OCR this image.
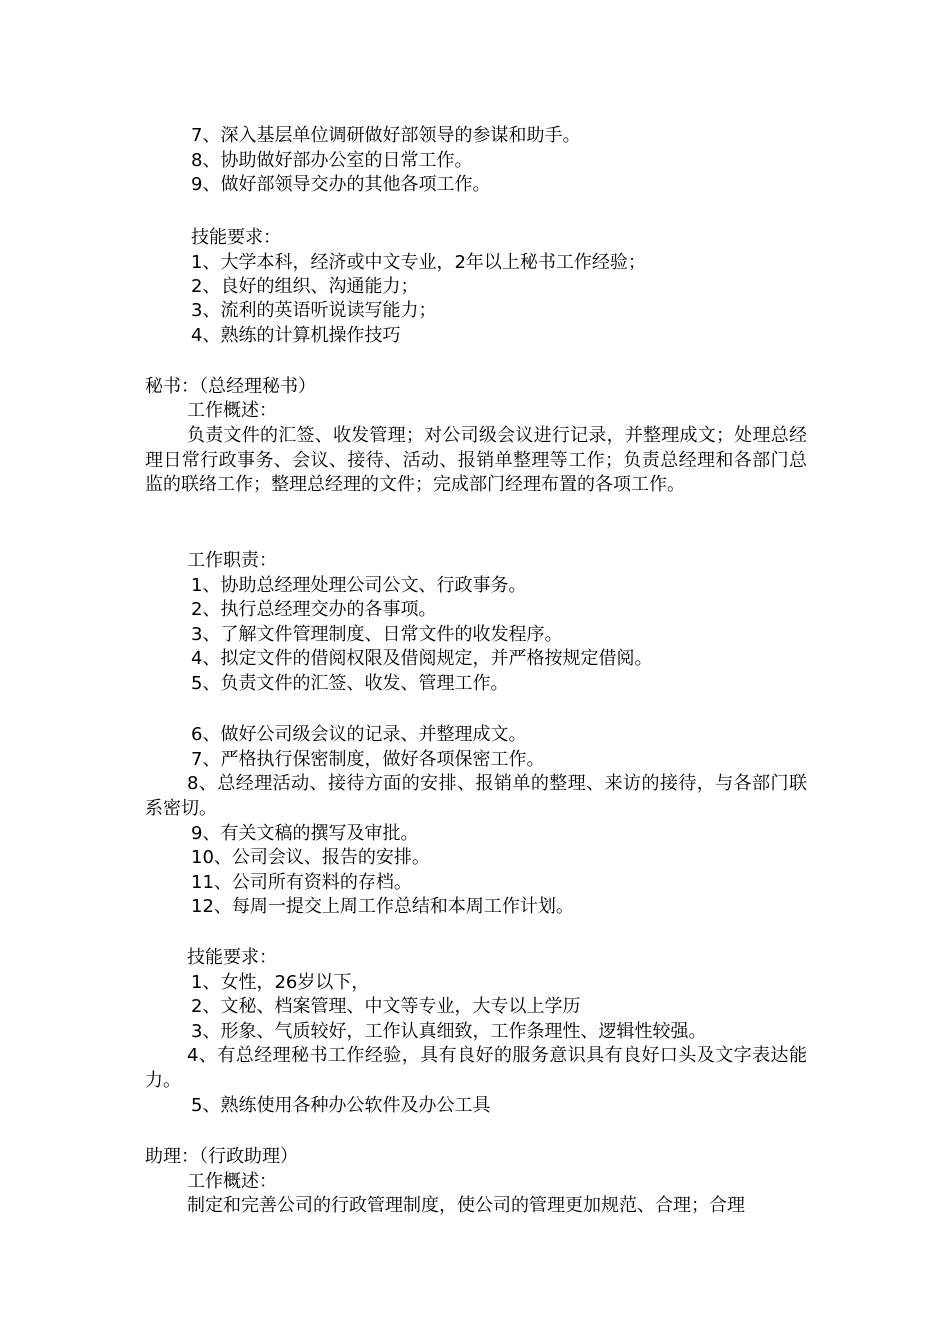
7、深入基层单位调研做好部领导的参谋和助手。
8、协助做好部办公室的日常工作。
9、做好部领导交办的其他各项工作。
技能要求：
1、大学本科，经济或中文专业，2年以上秘书工作经验；
2、良好的组织、沟通能力；
3、流利的英语听说读写能力；
4、熟练的计算机操作技巧
秘书：（总经理秘书）
工作概述：
负责文件的汇签、收发管理；对公司级会议进行记录，并整理成文；处理总经理日常行政事务、会议、接待、活动、报销单整理等工作；负责总经理和各部门总监的联络工作；整理总经理的文件；完成部门经理布置的各项工作。
工作职责：
1、协助总经理处理公司公文、行政事务。
2、执行总经理交办的各事项。
3、了解文件管理制度、日常文件的收发程序。
4、拟定文件的借阅权限及借阅规定，并严格按规定借阅。
5、负责文件的汇签、收发、管理工作。
6、做好公司级会议的记录、并整理成文。
7、严格执行保密制度，做好各项保密工作。
8、总经理活动、接待方面的安排、报销单的整理、来访的接待，与各部门联系密切。
9、有关文稿的撰写及审批。
10、公司会议、报告的安排。
11、公司所有资料的存档。
12、每周一提交上周工作总结和本周工作计划。
技能要求：
1、女性，26岁以下，
2、文秘、档案管理、中文等专业，大专以上学历
3、形象、气质较好，工作认真细致，工作条理性、逻辑性较强。
4、有总经理秘书工作经验，具有良好的服务意识具有良好口头及文字表达能力。
5、熟练使用各种办公软件及办公工具
助理：（行政助理）
工作概述：
制定和完善公司的行政管理制度，使公司的管理更加规范、合理；合理
